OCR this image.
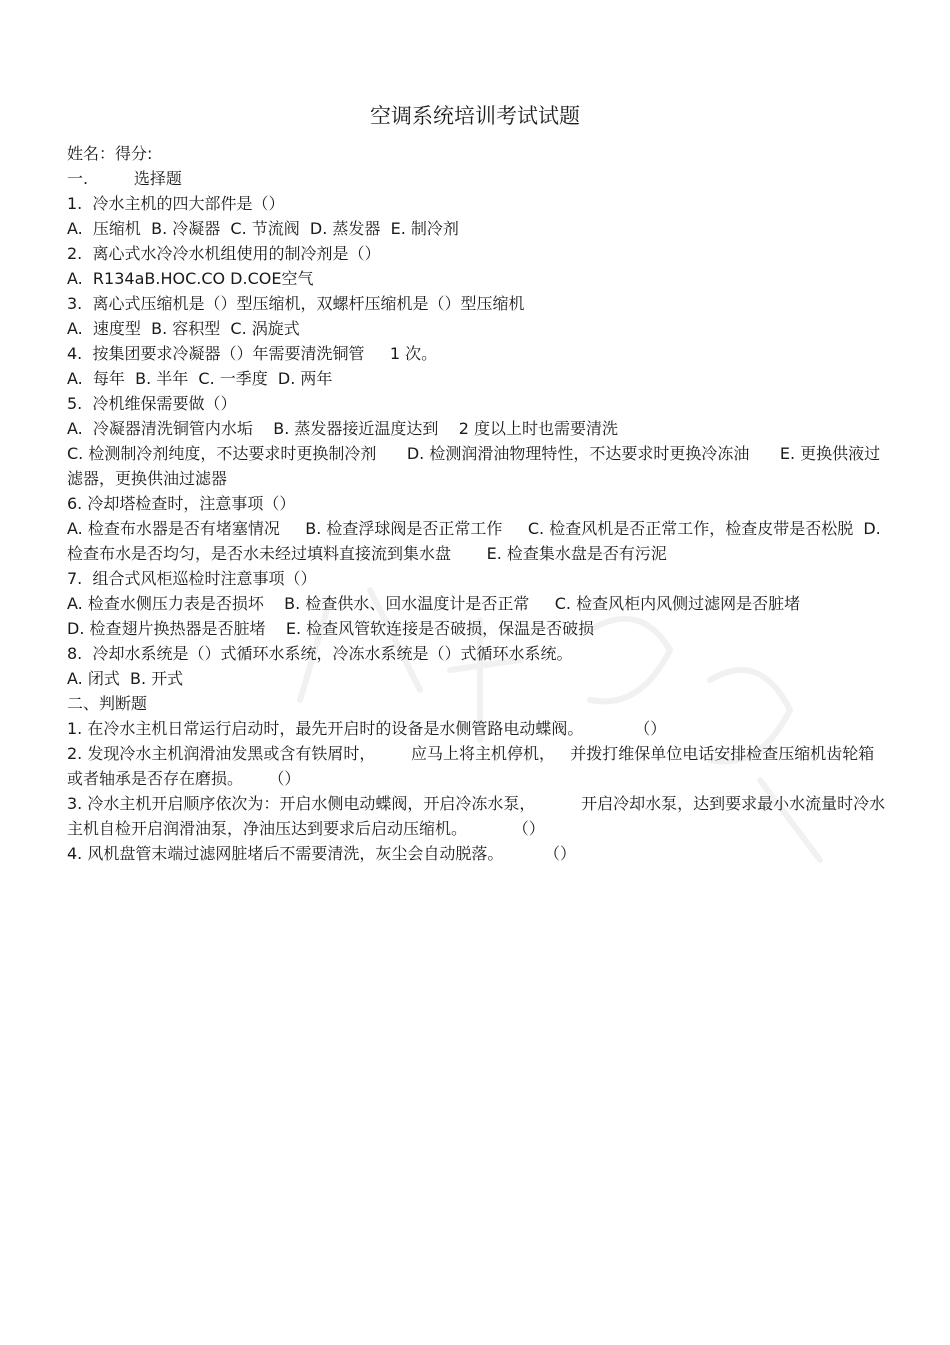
空调系统培训考试试题

姓名：得分:

一.         选择题

1.  冷水主机的四大部件是（）

A.  压缩机  B. 冷凝器  C. 节流阀  D. 蒸发器  E. 制冷剂

2.  离心式水冷冷水机组使用的制冷剂是（）

A.  R134aB.HOC.CO D.COE空气

3.  离心式压缩机是（）型压缩机，双螺杆压缩机是（）型压缩机

A.  速度型  B. 容积型  C. 涡旋式

4.  按集团要求冷凝器（）年需要清洗铜管     1 次。

A.  每年  B. 半年  C. 一季度  D. 两年

5.  冷机维保需要做（）

A.  冷凝器清洗铜管内水垢    B. 蒸发器接近温度达到    2 度以上时也需要清洗

C. 检测制冷剂纯度，不达要求时更换制冷剂      D. 检测润滑油物理特性，不达要求时更换冷冻油      E. 更换供液过滤器，更换供油过滤器

6. 冷却塔检查时，注意事项（）

A. 检查布水器是否有堵塞情况     B. 检查浮球阀是否正常工作     C. 检查风机是否正常工作，检查皮带是否松脱  D. 检查布水是否均匀，是否水未经过填料直接流到集水盘       E. 检查集水盘是否有污泥

7.  组合式风柜巡检时注意事项（）

A. 检查水侧压力表是否损坏    B. 检查供水、回水温度计是否正常     C. 检查风柜内风侧过滤网是否脏堵

D. 检查翅片换热器是否脏堵    E. 检查风管软连接是否破损，保温是否破损

8.  冷却水系统是（）式循环水系统，冷冻水系统是（）式循环水系统。

A. 闭式  B. 开式

二、判断题

1. 在冷水主机日常运行启动时，最先开启时的设备是水侧管路电动蝶阀。          （）

2. 发现冷水主机润滑油发黑或含有铁屑时，       应马上将主机停机，   并拨打维保单位电话安排检查压缩机齿轮箱或者轴承是否存在磨损。     （）

3. 冷水主机开启顺序依次为：开启水侧电动蝶阀，开启冷冻水泵，         开启冷却水泵，达到要求最小水流量时冷水主机自检开启润滑油泵，净油压达到要求后启动压缩机。         （）

4. 风机盘管末端过滤网脏堵后不需要清洗，灰尘会自动脱落。        （）
